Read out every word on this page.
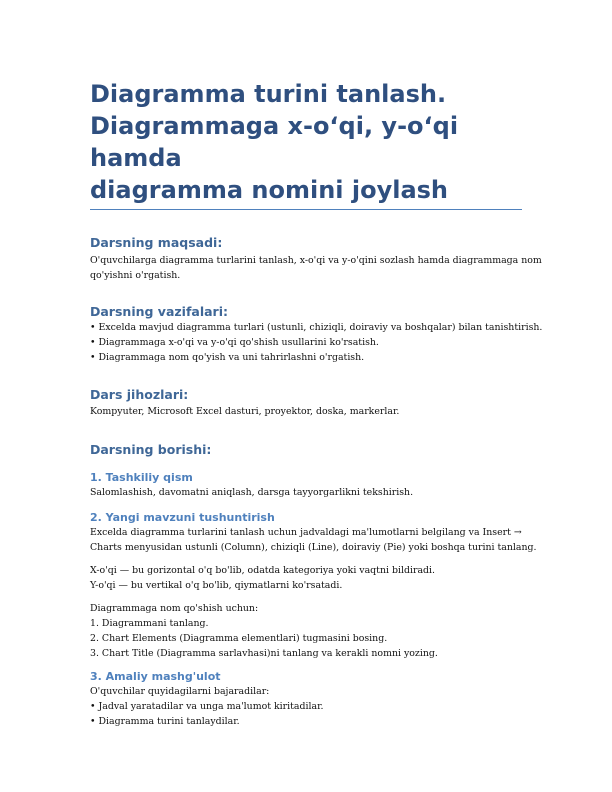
Diagramma turini tanlash.
Diagrammaga x-o‘qi, y-o‘qi hamda
diagramma nomini joylash
Darsning maqsadi:

O'quvchilarga diagramma turlarini tanlash, x-o'qi va y-o'qini sozlash hamda diagrammaga nom

qo'yishni o'rgatish.

Darsning vazifalari:

• Excelda mavjud diagramma turlari (ustunli, chiziqli, doiraviy va boshqalar) bilan tanishtirish.

• Diagrammaga x-o'qi va y-o'qi qo'shish usullarini ko'rsatish.

• Diagrammaga nom qo'yish va uni tahrirlashni o'rgatish.

Dars jihozlari:

Kompyuter, Microsoft Excel dasturi, proyektor, doska, markerlar.

Darsning borishi:
1. Tashkiliy qism

Salomlashish, davomatni aniqlash, darsga tayyorgarlikni tekshirish.

2. Yangi mavzuni tushuntirish

Excelda diagramma turlarini tanlash uchun jadvaldagi ma'lumotlarni belgilang va Insert →

Charts menyusidan ustunli (Column), chiziqli (Line), doiraviy (Pie) yoki boshqa turini tanlang.

X-o'qi — bu gorizontal o'q bo'lib, odatda kategoriya yoki vaqtni bildiradi.

Y-o'qi — bu vertikal o'q bo'lib, qiymatlarni ko'rsatadi.

Diagrammaga nom qo'shish uchun:

1. Diagrammani tanlang.

2. Chart Elements (Diagramma elementlari) tugmasini bosing.

3. Chart Title (Diagramma sarlavhasi)ni tanlang va kerakli nomni yozing.

3. Amaliy mashg'ulot

O'quvchilar quyidagilarni bajaradilar:

• Jadval yaratadilar va unga ma'lumot kiritadilar.

• Diagramma turini tanlaydilar.
